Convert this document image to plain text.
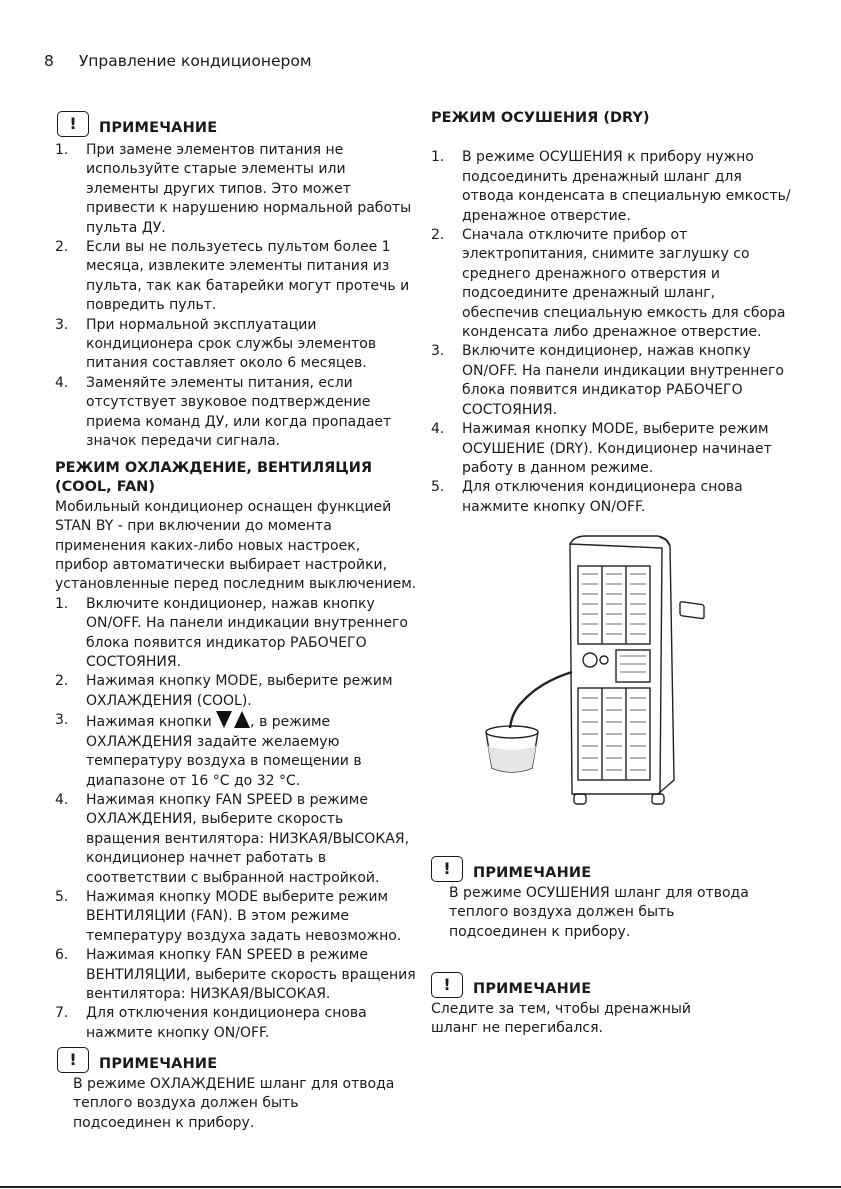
8 Управление кондиционером
!	ПРИМЕЧАНИЕ
1. При замене элементов питания не используйте старые элементы или элементы других типов. Это может привести к нарушению нормальной работы пульта ДУ.
2. Если вы не пользуетесь пультом более 1 месяца, извлеките элементы питания из пульта, так как батарейки могут протечь и повредить пульт.
3. При нормальной эксплуатации кондиционера срок службы элементов питания составляет около 6 месяцев.
4. Заменяйте элементы питания, если отсутствует звуковое подтверждение приема команд ДУ, или когда пропадает значок передачи сигнала.
РЕЖИМ ОХЛАЖДЕНИЕ, ВЕНТИЛЯЦИЯ (COOL, FAN)

Мобильный кондиционер оснащен функцией STAN BY - при включении до момента применения каких-либо новых настроек, прибор автоматически выбирает настройки, установленные перед последним выключением.

1. Включите кондиционер, нажав кнопку ON/OFF. На панели индикации внутреннего блока появится индикатор РАБОЧЕГО СОСТОЯНИЯ.
2. Нажимая кнопку MODE, выберите режим ОХЛАЖДЕНИЯ (COOL).
3. Нажимая кнопки	, в режиме ОХЛАЖДЕНИЯ задайте желаемую температуру воздуха в помещении в диапазоне от 16 °C до 32 °C.
4. Нажимая кнопку FAN SPEED в режиме ОХЛАЖДЕНИЯ, выберите скорость вращения вентилятора: НИЗКАЯ/ВЫСОКАЯ, кондиционер начнет работать в соответствии с выбранной настройкой.
5. Нажимая кнопку MODE выберите режим ВЕНТИЛЯЦИИ (FAN). В этом режиме температуру воздуха задать невозможно.
6. Нажимая кнопку FAN SPEED в режиме ВЕНТИЛЯЦИИ, выберите скорость вращения вентилятора: НИЗКАЯ/ВЫСОКАЯ.
7. Для отключения кондиционера снова нажмите кнопку ON/OFF.
!	ПРИМЕЧАНИЕ

В режиме ОХЛАЖДЕНИЕ шланг для отвода теплого воздуха должен быть подсоединен к прибору.

РЕЖИМ ОСУШЕНИЯ (DRY)
1. В режиме ОСУШЕНИЯ к прибору нужно подсоединить дренажный шланг для отвода конденсата в специальную емкость/дренажное отверстие.
2. Сначала отключите прибор от электропитания, снимите заглушку со среднего дренажного отверстия и подсоедините дренажный шланг, обеспечив специальную емкость для сбора конденсата либо дренажное отверстие.
3. Включите кондиционер, нажав кнопку ON/OFF. На панели индикации внутреннего блока появится индикатор РАБОЧЕГО СОСТОЯНИЯ.
4. Нажимая кнопку MODE, выберите режим ОСУШЕНИЕ (DRY). Кондиционер начинает работу в данном режиме.
5. Для отключения кондиционера снова нажмите кнопку ON/OFF.
!	ПРИМЕЧАНИЕ

В режиме ОСУШЕНИЯ шланг для отвода теплого воздуха должен быть подсоединен к прибору.

!	ПРИМЕЧАНИЕ

Следите за тем, чтобы дренажный шланг не перегибался.
